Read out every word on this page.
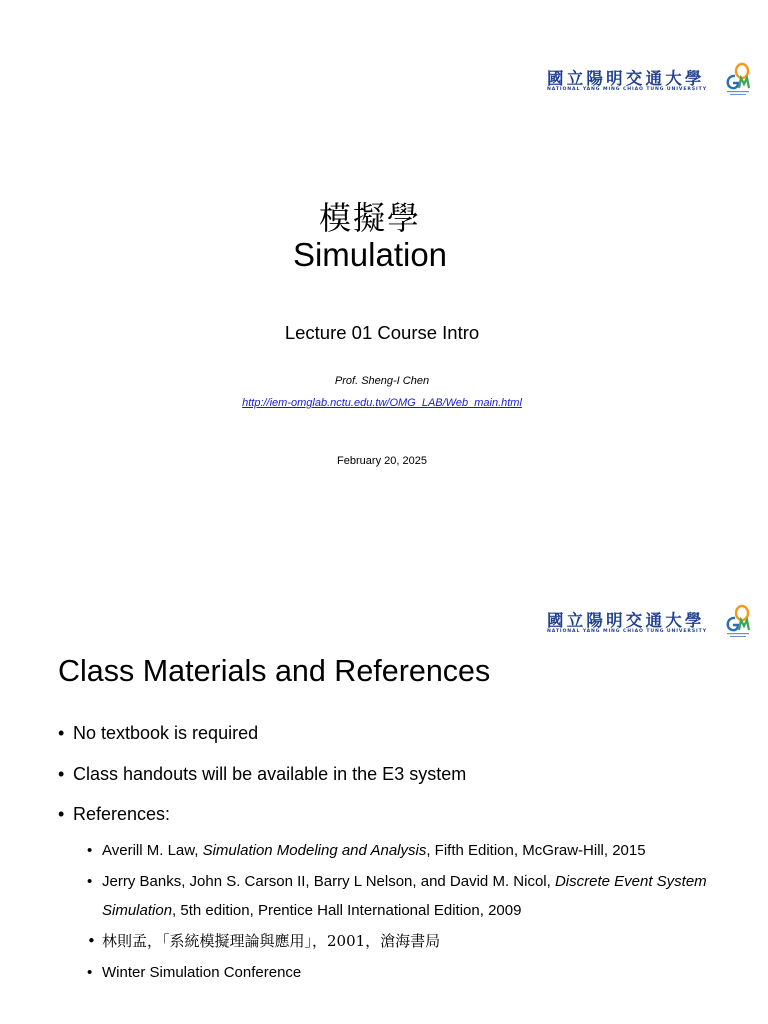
國立陽明交通大學
NATIONAL YANG MING CHIAO TUNG UNIVERSITY
模擬學
Simulation
Lecture 01 Course Intro
Prof. Sheng-I Chen
http://iem-omglab.nctu.edu.tw/OMG_LAB/Web_main.html
February 20, 2025
國立陽明交通大學
NATIONAL YANG MING CHIAO TUNG UNIVERSITY
Class Materials and References
• No textbook is required
• Class handouts will be available in the E3 system
• References:
• Averill M. Law, Simulation Modeling and Analysis, Fifth Edition, McGraw-Hill, 2015
• Jerry Banks, John S. Carson II, Barry L Nelson, and David M. Nicol, Discrete Event System Simulation, 5th edition, Prentice Hall International Edition, 2009
• 林則孟，「系統模擬理論與應用」，2001，滄海書局
• Winter Simulation Conference
